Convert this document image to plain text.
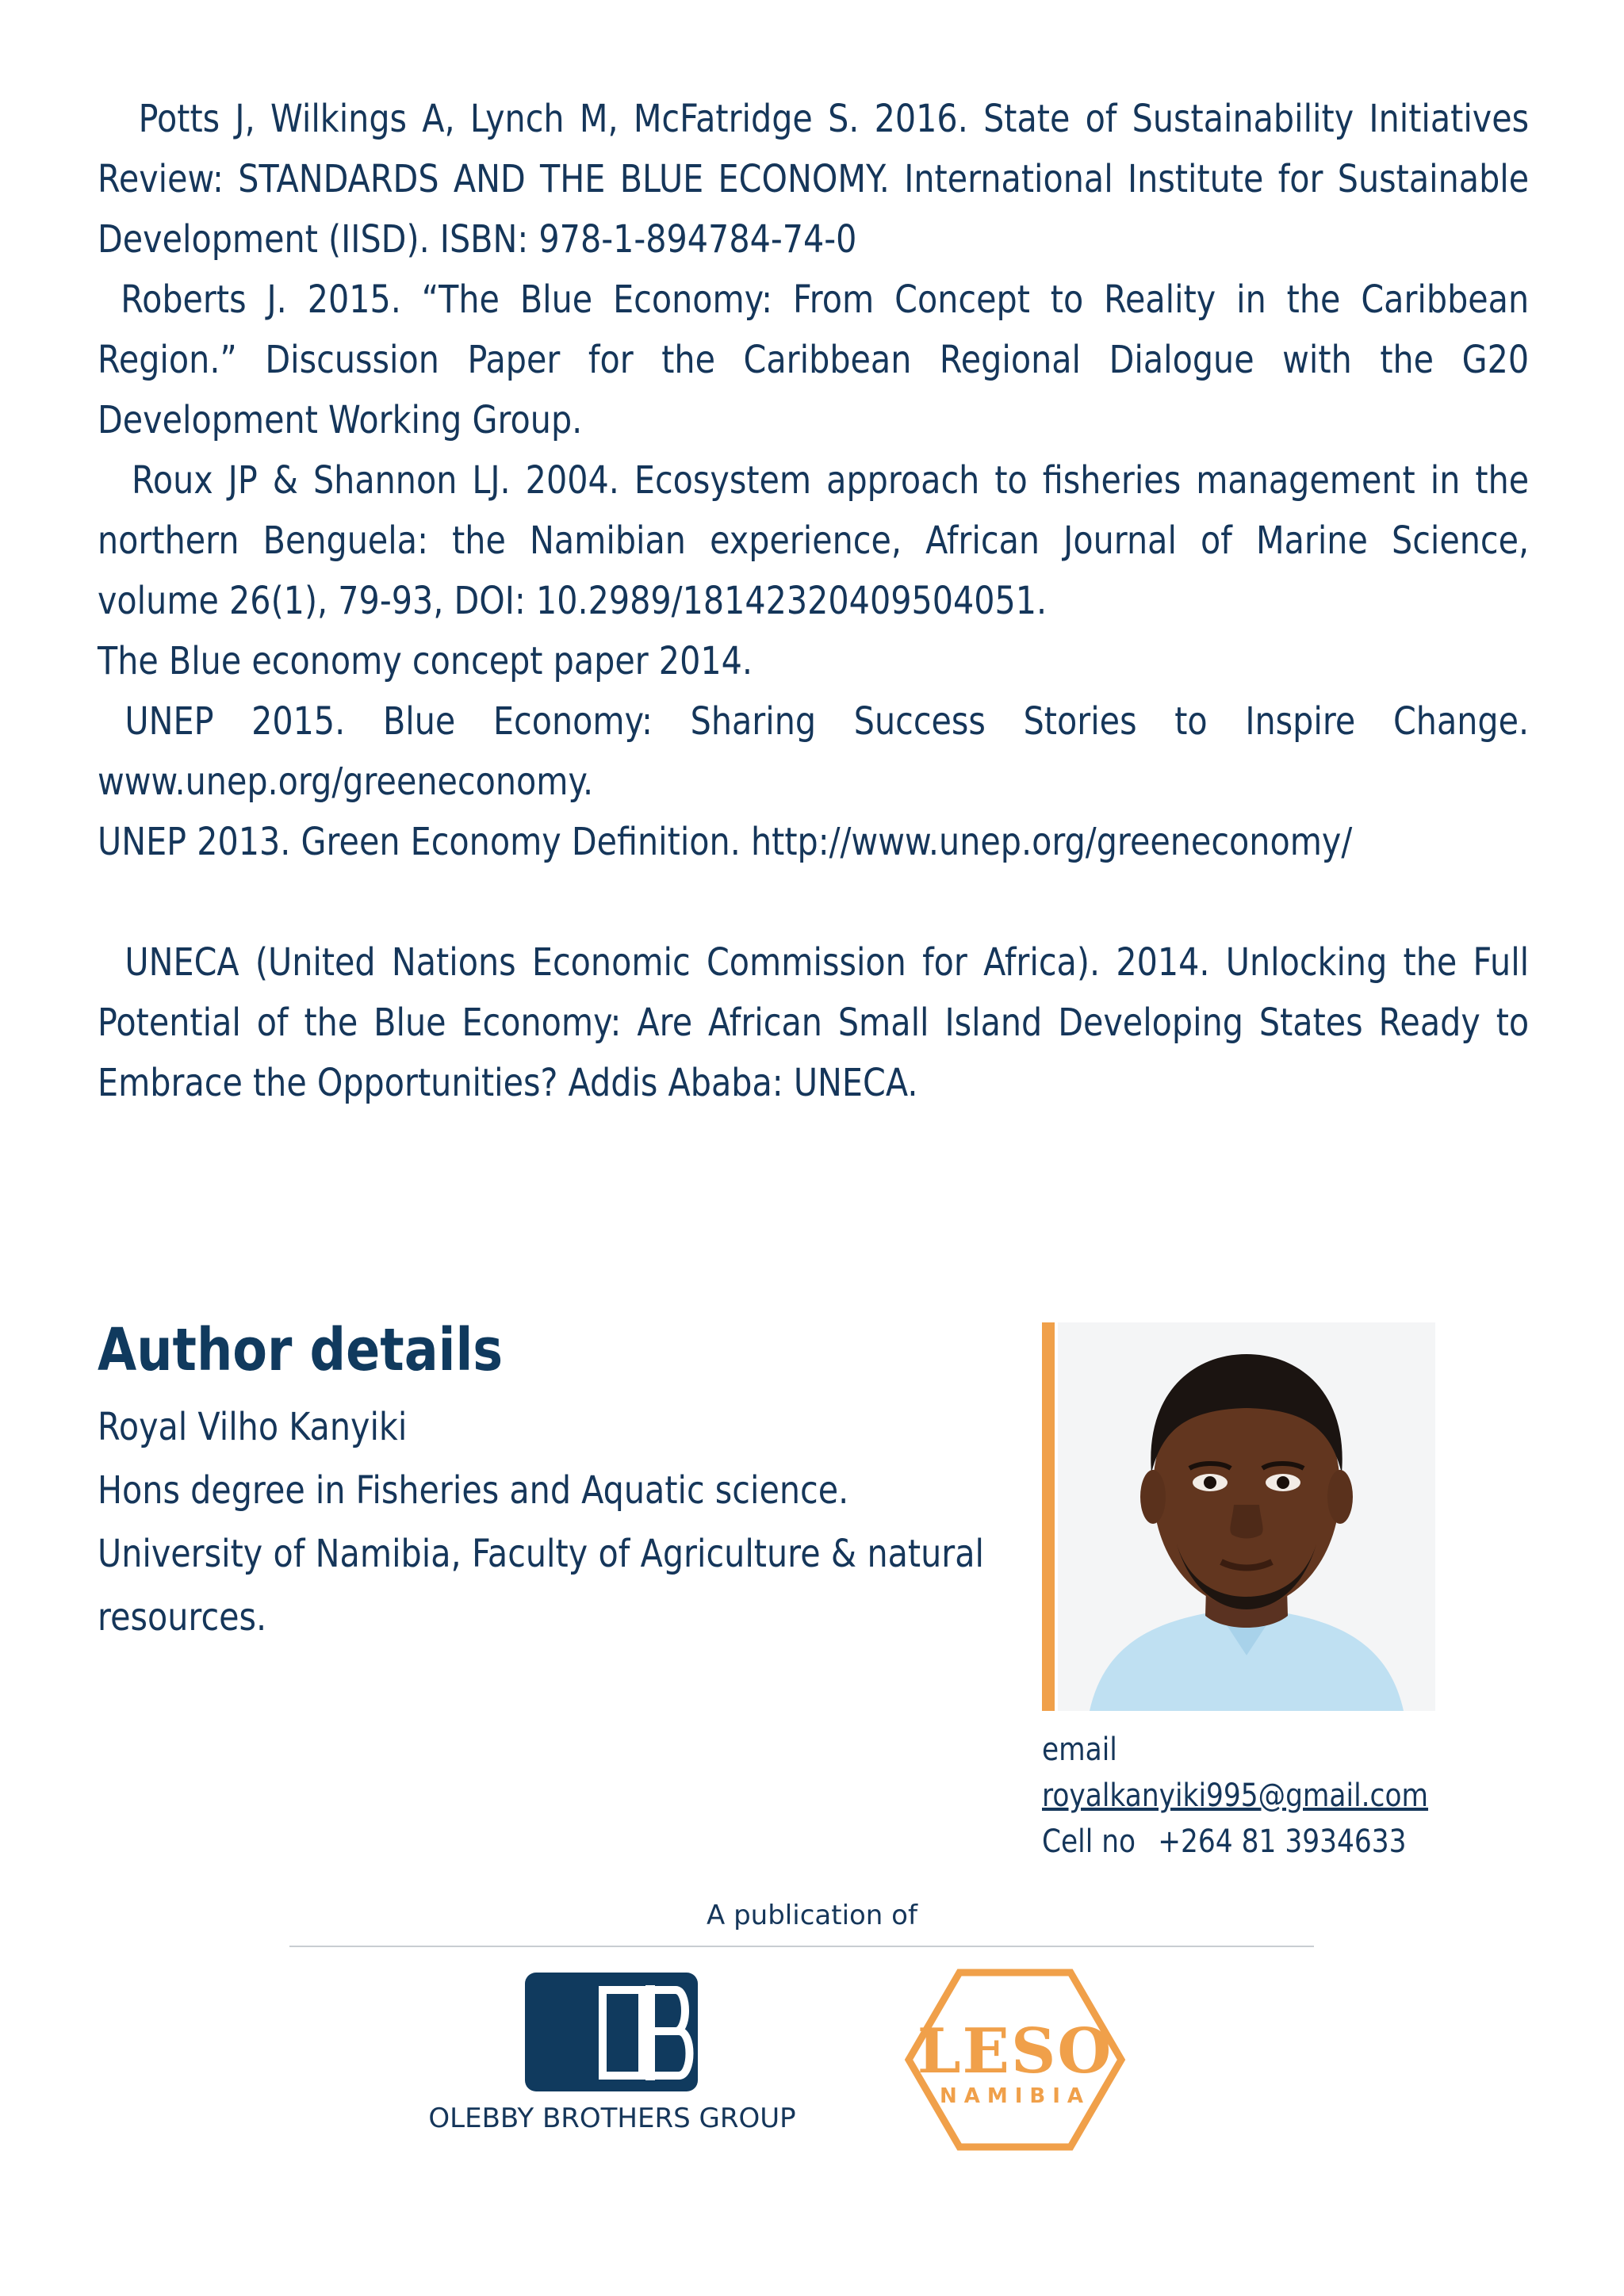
Potts J, Wilkings A, Lynch M, McFatridge S. 2016. State of Sustainability Initiatives Review: STANDARDS AND THE BLUE ECONOMY. International Institute for Sustainable Development (IISD). ISBN: 978-1-894784-74-0

Roberts J. 2015. “The Blue Economy: From Concept to Reality in the Caribbean Region.” Discussion Paper for the Caribbean Regional Dialogue with the G20 Development Working Group.

Roux JP & Shannon LJ. 2004. Ecosystem approach to fisheries management in the northern Benguela: the Namibian experience, African Journal of Marine Science, volume 26(1), 79-93, DOI: 10.2989/18142320409504051.

The Blue economy concept paper 2014.

UNEP 2015. Blue Economy: Sharing Success Stories to Inspire Change. www.unep.org/greeneconomy.

UNEP 2013. Green Economy Definition. http://www.unep.org/greeneconomy/

UNECA (United Nations Economic Commission for Africa). 2014. Unlocking the Full Potential of the Blue Economy: Are African Small Island Developing States Ready to Embrace the Opportunities? Addis Ababa: UNECA.

Author details
Royal Vilho Kanyiki
Hons degree in Fisheries and Aquatic science.
University of Namibia, Faculty of Agriculture & natural resources.
emailroyalkanyiki995@gmail.com
Cell no +264 81 3934633
A publication of
OLEBBY BROTHERS GROUP
LESO
NAMIBIA
